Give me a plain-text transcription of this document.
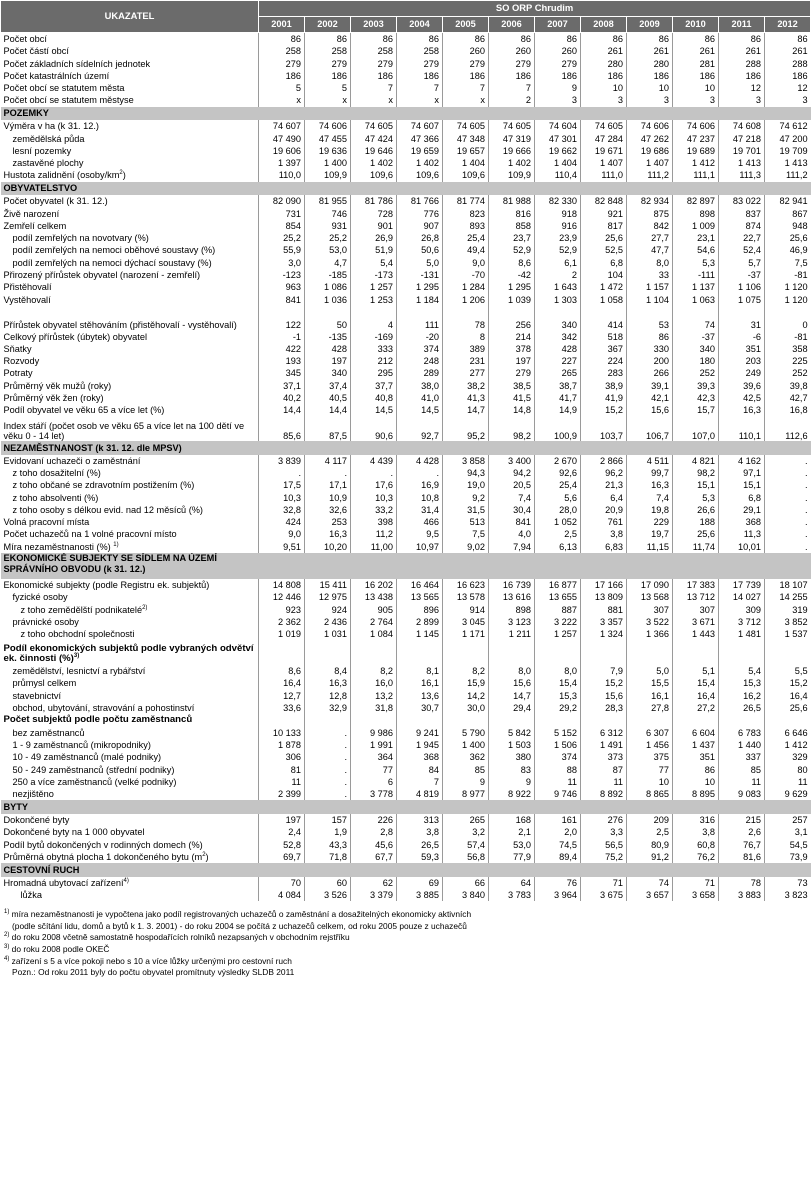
UKAZATEL	SO ORP Chrudim											
	2001	2002	2003	2004	2005	2006	2007	2008	2009	2010	2011	2012
Počet obcí	86	86	86	86	86	86	86	86	86	86	86	86
Počet částí obcí	258	258	258	258	260	260	260	261	261	261	261	261
Počet základních sídelních jednotek	279	279	279	279	279	279	279	280	280	281	288	288
Počet katastrálních území	186	186	186	186	186	186	186	186	186	186	186	186
Počet obcí se statutem města	5	5	7	7	7	7	9	10	10	10	12	12
Počet obcí se statutem městyse	x	x	x	x	x	2	3	3	3	3	3	3
POZEMKY												
Výměra v ha (k 31. 12.)	74 607	74 606	74 605	74 607	74 605	74 605	74 604	74 605	74 606	74 606	74 608	74 612
zemědělská půda	47 490	47 455	47 424	47 366	47 348	47 319	47 301	47 284	47 262	47 237	47 218	47 200
lesní pozemky	19 606	19 636	19 646	19 659	19 657	19 666	19 662	19 671	19 686	19 689	19 701	19 709
zastavěné plochy	1 397	1 400	1 402	1 402	1 404	1 402	1 404	1 407	1 407	1 412	1 413	1 413
Hustota zalidnění $(osoby/km^2)$	110,0	109,9	109,6	109,6	109,6	109,9	110,4	111,0	111,2	111,1	111,3	111,2
OBYVATELSTVO												
Počet obyvatel (k 31. 12.)	82 090	81 955	81 786	81 766	81 774	81 988	82 330	82 848	82 934	82 897	83 022	82 941
Živě narození	731	746	728	776	823	816	918	921	875	898	837	867
Zemřelí celkem	854	931	901	907	893	858	916	817	842	1 009	874	948
podíl zemřelých na novotvary (%)	25,2	25,2	26,9	26,8	25,4	23,7	23,9	25,6	27,7	23,1	22,7	25,6
podíl zemřelých na nemoci oběhové soustavy (%)	55,9	53,0	51,9	50,6	49,4	52,9	52,9	52,5	47,7	54,6	52,4	46,9
podíl zemřelých na nemoci dýchací soustavy (%)	3,0	4,7	5,4	5,0	9,0	8,6	6,1	6,8	8,0	5,3	5,7	7,5
Přirozený přírůstek obyvatel (narození - zemřelí)	-123	-185	-173	-131	-70	-42	2	104	33	-111	-37	-81
Přistěhovalí	963	1 086	1 257	1 295	1 284	1 295	1 643	1 472	1 157	1 137	1 106	1 120
Vystěhovalí	841	1 036	1 253	1 184	1 206	1 039	1 303	1 058	1 104	1 063	1 075	1 120
Přírůstek obyvatel stěhováním (přistěhovalí - vystěhovalí)	122	50	4	111	78	256	340	414	53	74	31	0
Celkový přírůstek (úbytek) obyvatel	-1	-135	-169	-20	8	214	342	518	86	-37	-6	-81
Sňatky	422	428	333	374	389	378	428	367	330	340	351	358
Rozvody	193	197	212	248	231	197	227	224	200	180	203	225
Potraty	345	340	295	289	277	279	265	283	266	252	249	252
Průměrný věk mužů (roky)	37,1	37,4	37,7	38,0	38,2	38,5	38,7	38,9	39,1	39,3	39,6	39,8
Průměrný věk žen (roky)	40,2	40,5	40,8	41,0	41,3	41,5	41,7	41,9	42,1	42,3	42,5	42,7
Podíl obyvatel ve věku 65 a více let (%)	14,4	14,4	14,5	14,5	14,7	14,8	14,9	15,2	15,6	15,7	16,3	16,8
Index stáří (počet osob ve věku 65 a více let na 100 dětí ve věku 0 - 14 let)	85,6	87,5	90,6	92,7	95,2	98,2	100,9	103,7	106,7	107,0	110,1	112,6
NEZAMĚSTNANOST (k 31. 12. dle MPSV)												
Evidovaní uchazeči o zaměstnání	3 839	4 117	4 439	4 428	3 858	3 400	2 670	2 866	4 511	4 821	4 162	.
z toho dosažitelní (%)	.	.	.	.	94,3	94,2	92,6	96,2	99,7	98,2	97,1	.
z toho občané se zdravotním postižením (%)	17,5	17,1	17,6	16,9	19,0	20,5	25,4	21,3	16,3	15,1	15,1	.
z toho absolventi (%)	10,3	10,9	10,3	10,8	9,2	7,4	5,6	6,4	7,4	5,3	6,8	.
z toho osoby s délkou evid. nad 12 měsíců (%)	32,8	32,6	33,2	31,4	31,5	30,4	28,0	20,9	19,8	26,6	29,1	.
Volná pracovní místa	424	253	398	466	513	841	1 052	761	229	188	368	.
Počet uchazečů na 1 volné pracovní místo	9,0	16,3	11,2	9,5	7,5	4,0	2,5	3,8	19,7	25,6	11,3	.
Míra nezaměstnanosti (%) $^{1)}$	9,51	10,20	11,00	10,97	9,02	7,94	6,13	6,83	11,15	11,74	10,01	.
EKONOMICKÉ SUBJEKTY SE SÍDLEM NA ÚZEMÍ SPRÁVNÍHO OBVODU (k 31. 12.)												
Ekonomické subjekty (podle Registru ek. subjektů)	14 808	15 411	16 202	16 464	16 623	16 739	16 877	17 166	17 090	17 383	17 739	18 107
fyzické osoby	12 446	12 975	13 438	13 565	13 578	13 616	13 655	13 809	13 568	13 712	14 027	14 255
z toho zemědělští podnikatelé$^{2)}$	923	924	905	896	914	898	887	881	307	307	309	319
právnické osoby	2 362	2 436	2 764	2 899	3 045	3 123	3 222	3 357	3 522	3 671	3 712	3 852
z toho obchodní společnosti	1 019	1 031	1 084	1 145	1 171	1 211	1 257	1 324	1 366	1 443	1 481	1 537
Podíl ekonomických subjektů podle vybraných odvětví ek. činnosti (%)$^{3)}$												
zemědělství, lesnictví a rybářství	8,6	8,4	8,2	8,1	8,2	8,0	8,0	7,9	5,0	5,1	5,4	5,5
průmysl celkem	16,4	16,3	16,0	16,1	15,9	15,6	15,4	15,2	15,5	15,4	15,3	15,2
stavebnictví	12,7	12,8	13,2	13,6	14,2	14,7	15,3	15,6	16,1	16,4	16,2	16,4
obchod, ubytování, stravování a pohostinství	33,6	32,9	31,8	30,7	30,0	29,4	29,2	28,3	27,8	27,2	26,5	25,6
Počet subjektů podle počtu zaměstnanců												
bez zaměstnanců	10 133	.	9 986	9 241	5 790	5 842	5 152	6 312	6 307	6 604	6 783	6 646
1 - 9 zaměstnanců (mikropodniky)	1 878	.	1 991	1 945	1 400	1 503	1 506	1 491	1 456	1 437	1 440	1 412
10 - 49 zaměstnanců (malé podniky)	306	.	364	368	362	380	374	373	375	351	337	329
50 - 249 zaměstnanců (střední podniky)	81	.	77	84	85	83	88	87	77	86	85	80
250 a více zaměstnanců (velké podniky)	11	.	6	7	9	9	11	11	10	10	11	11
nezjištěno	2 399	.	3 778	4 819	8 977	8 922	9 746	8 892	8 865	8 895	9 083	9 629
BYTY												
Dokončené byty	197	157	226	313	265	168	161	276	209	316	215	257
Dokončené byty na 1 000 obyvatel	2,4	1,9	2,8	3,8	3,2	2,1	2,0	3,3	2,5	3,8	2,6	3,1
Podíl bytů dokončených v rodinných domech (%)	52,8	43,3	45,6	26,5	57,4	53,0	74,5	56,5	80,9	60,8	76,7	54,5
Průměrná obytná plocha 1 dokončeného bytu $(m^2)$	69,7	71,8	67,7	59,3	56,8	77,9	89,4	75,2	91,2	76,2	81,6	73,9
CESTOVNÍ RUCH												
Hromadná ubytovací zařízení$^{4)}$	70	60	62	69	66	64	76	71	74	71	78	73
lůžka	4 084	3 526	3 379	3 885	3 840	3 783	3 964	3 675	3 657	3 658	3 883	3 823
$^{1)}$ míra nezaměstnanosti je vypočtena jako podíl registrovaných uchazečů o zaměstnání a dosažitelných ekonomicky aktivních
(podle sčítání lidu, domů a bytů k 1. 3. 2001) - do roku 2004 se počítá z uchazečů celkem, od roku 2005 pouze z uchazečů
$^{2)}$ do roku 2008 včetně samostatně hospodařících rolníků nezapsaných v obchodním rejstříku
$^{3)}$ do roku 2008 podle OKEČ
$^{4)}$ zařízení s 5 a více pokoji nebo s 10 a více lůžky určenými pro cestovní ruch
Pozn.: Od roku 2011 byly do počtu obyvatel promítnuty výsledky SLDB 2011
